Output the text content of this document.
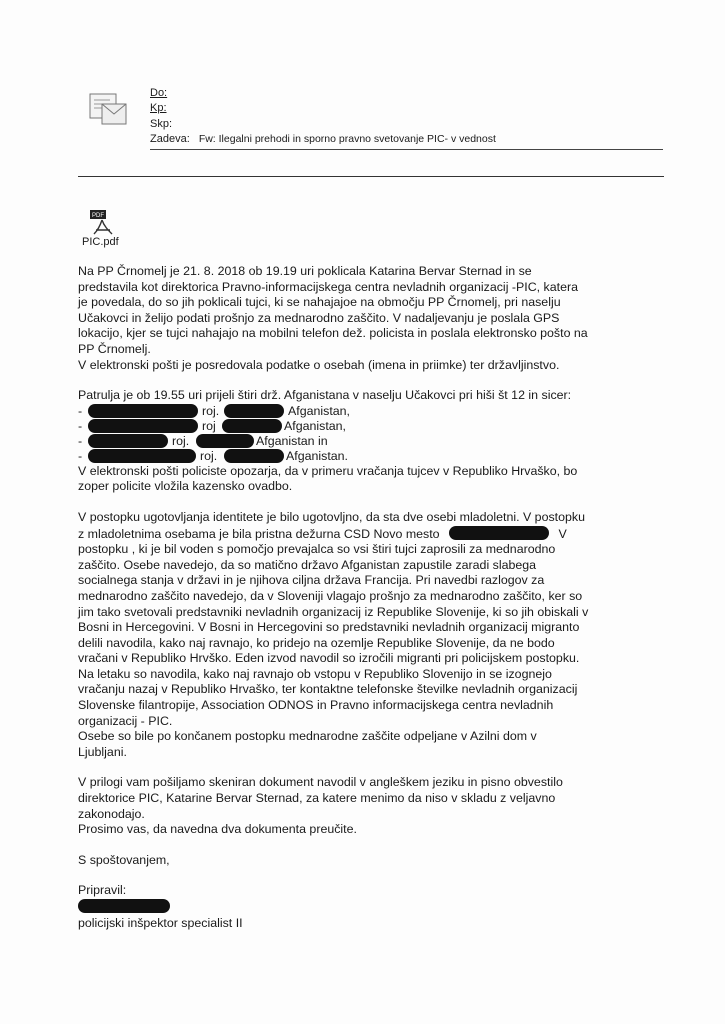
Do:
Kp:
Skp:
Zadeva: Fw: Ilegalni prehodi in sporno pravno svetovanje PIC- v vednost
PDF
PIC.pdf

Na PP Črnomelj je 21. 8. 2018 ob 19.19 uri poklicala Katarina Bervar Sternad in se

predstavila kot direktorica Pravno-informacijskega centra nevladnih organizacij -PIC, katera

je povedala, do so jih poklicali tujci, ki se nahajajoe na območju PP Črnomelj, pri naselju

Učakovci in želijo podati prošnjo za mednarodno zaščito. V nadaljevanju je poslala GPS

lokacijo, kjer se tujci nahajajo na mobilni telefon dež. policista in poslala elektronsko pošto na

PP Črnomelj.

V elektronski pošti je posredovala podatke o osebah (imena in priimke) ter državljinstvo.

Patrulja je ob 19.55 uri prijeli štiri drž. Afganistana v naselju Učakovci pri hiši št 12 in sicer:

-	roj.	Afganistan,
-	roj	Afganistan,
-	roj.	Afganistan in
-	roj.	Afganistan.

V elektronski pošti policiste opozarja, da v primeru vračanja tujcev v Republiko Hrvaško, bo

zoper policite vložila kazensko ovadbo.

V postopku ugotovljanja identitete je bilo ugotovljno, da sta dve osebi mladoletni. V postopku

z mladoletnima osebama je bila pristna dežurna CSD Novo mesto	V

postopku , ki je bil voden s pomočjo prevajalca so vsi štiri tujci zaprosili za mednarodno

zaščito. Osebe navedejo, da so matično državo Afganistan zapustile zaradi slabega

socialnega stanja v državi in je njihova ciljna država Francija. Pri navedbi razlogov za

mednarodno zaščito navedejo, da v Sloveniji vlagajo prošnjo za mednarodno zaščito, ker so

jim tako svetovali predstavniki nevladnih organizacij iz Republike Slovenije, ki so jih obiskali v

Bosni in Hercegovini. V Bosni in Hercegovini so predstavniki nevladnih organizacij migranto

delili navodila, kako naj ravnajo, ko pridejo na ozemlje Republike Slovenije, da ne bodo

vračani v Republiko Hrvško. Eden izvod navodil so izročili migranti pri policijskem postopku.

Na letaku so navodila, kako naj ravnajo ob vstopu v Republiko Slovenijo in se izognejo

vračanju nazaj v Republiko Hrvaško, ter kontaktne telefonske številke nevladnih organizacij

Slovenske filantropije, Association ODNOS in Pravno informacijskega centra nevladnih

organizacij - PIC.

Osebe so bile po končanem postopku mednarodne zaščite odpeljane v Azilni dom v

Ljubljani.

V prilogi vam pošiljamo skeniran dokument navodil v angleškem jeziku in pisno obvestilo

direktorice PIC, Katarine Bervar Sternad, za katere menimo da niso v skladu z veljavno

zakonodajo.

Prosimo vas, da navedna dva dokumenta preučite.

S spoštovanjem,

Pripravil:

policijski inšpektor specialist II
